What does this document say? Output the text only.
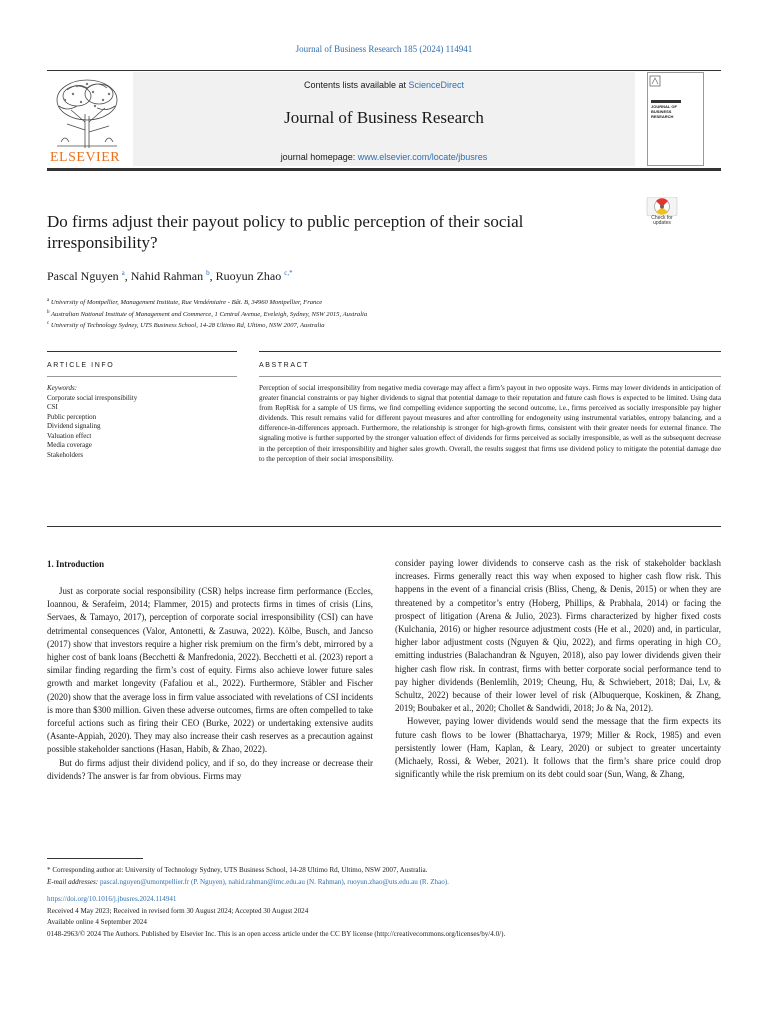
Journal of Business Research 185 (2024) 114941
ELSEVIER
Contents lists available at ScienceDirect
Journal of Business Research
journal homepage: www.elsevier.com/locate/jbusres
JOURNAL OF BUSINESS RESEARCH
Do firms adjust their payout policy to public perception of their social irresponsibility?
Check for updates
Pascal Nguyen $^a$, Nahid Rahman $^b$, Ruoyun Zhao $^{c,*}$
$^a$ University of Montpellier, Management Institute, Rue Vendémiaire - Bât. B, 34960 Montpellier, France
$^b$ Australian National Institute of Management and Commerce, 1 Central Avenue, Eveleigh, Sydney, NSW 2015, Australia
$^c$ University of Technology Sydney, UTS Business School, 14-28 Ultimo Rd, Ultimo, NSW 2007, Australia
ARTICLE INFO	ABSTRACT
Keywords:
Corporate social irresponsibility
CSI
Public perception
Dividend signaling
Valuation effect
Media coverage
Stakeholders
Perception of social irresponsibility from negative media coverage may affect a firm’s payout in two opposite ways. Firms may lower dividends in anticipation of greater financial constraints or pay higher dividends to signal that potential damage to their reputation and future cash flows is expected to be limited. Using data from RepRisk for a sample of US firms, we find compelling evidence supporting the second outcome, i.e., firms perceived as socially irresponsible pay higher dividends. This result remains valid for different payout measures and after controlling for endogeneity using instrumental variables, entropy balancing, and a difference-in-differences approach. Furthermore, the relationship is stronger for high-growth firms, consistent with their greater needs for external finance. The signaling motive is further supported by the stronger valuation effect of dividends for firms perceived as socially irresponsible, as well as the subsequent decrease in the perception of their irresponsibility and higher sales growth. Overall, the results suggest that firms use dividend policy to mitigate the potential damage due to the perception of their social irresponsibility.
1. Introduction

Just as corporate social responsibility (CSR) helps increase firm performance (Eccles, Ioannou, & Serafeim, 2014; Flammer, 2015) and protects firms in times of crisis (Lins, Servaes, & Tamayo, 2017), perception of corporate social irresponsibility (CSI) can have detrimental consequences (Valor, Antonetti, & Zasuwa, 2022). Kölbe, Busch, and Jancso (2017) show that investors require a higher risk premium on the firm’s debt, mirrored by a higher cost of bank loans (Becchetti & Manfredonia, 2022). Becchetti et al. (2023) report a similar finding regarding the firm’s cost of equity. Firms also achieve lower future sales growth and market longevity (Fafaliou et al., 2022). Furthermore, Stäbler and Fischer (2020) show that the average loss in firm value associated with revelations of CSI incidents is more than $300 million. Given these adverse outcomes, firms are often compelled to take forceful actions such as firing their CEO (Burke, 2022) or undertaking extensive audits (Asante-Appiah, 2020). They may also increase their cash reserves as a precaution against possible stakeholder sanctions (Hasan, Habib, & Zhao, 2022).

But do firms adjust their dividend policy, and if so, do they increase or decrease their dividends? The answer is far from obvious. Firms may

consider paying lower dividends to conserve cash as the risk of stakeholder backlash increases. Firms generally react this way when exposed to higher cash flow risk. This happens in the event of a financial crisis (Bliss, Cheng, & Denis, 2015) or when they are threatened by a competitor’s entry (Hoberg, Phillips, & Prabhala, 2014) or facing the prospect of litigation (Arena & Julio, 2023). Firms characterized by higher fixed costs (Kulchania, 2016) or higher resource adjustment costs (He et al., 2020) and, in particular, higher labor adjustment costs (Nguyen & Qiu, 2022), and firms operating in high CO₂ emitting industries (Balachandran & Nguyen, 2018), also pay lower dividends given their higher cash flow risk. In contrast, firms with better corporate social performance tend to pay higher dividends (Benlemlih, 2019; Cheung, Hu, & Schwiebert, 2018; Dai, Lv, & Schultz, 2022) because of their lower level of risk (Albuquerque, Koskinen, & Zhang, 2019; Boubaker et al., 2020; Chollet & Sandwidi, 2018; Jo & Na, 2012).

However, paying lower dividends would send the message that the firm expects its future cash flows to be lower (Bhattacharya, 1979; Miller & Rock, 1985) and even persistently lower (Ham, Kaplan, & Leary, 2020) or subject to greater uncertainty (Michaely, Rossi, & Weber, 2021). It follows that the firm’s share price could drop significantly while the risk premium on its debt could soar (Sun, Wang, & Zhang,

* Corresponding author at: University of Technology Sydney, UTS Business School, 14-28 Ultimo Rd, Ultimo, NSW 2007, Australia.
E-mail addresses: pascal.nguyen@umontpellier.fr (P. Nguyen), nahid.rahman@imc.edu.au (N. Rahman), ruoyun.zhao@uts.edu.au (R. Zhao).
https://doi.org/10.1016/j.jbusres.2024.114941
Received 4 May 2023; Received in revised form 30 August 2024; Accepted 30 August 2024
Available online 4 September 2024
0148-2963/© 2024 The Authors. Published by Elsevier Inc. This is an open access article under the CC BY license (http://creativecommons.org/licenses/by/4.0/).
